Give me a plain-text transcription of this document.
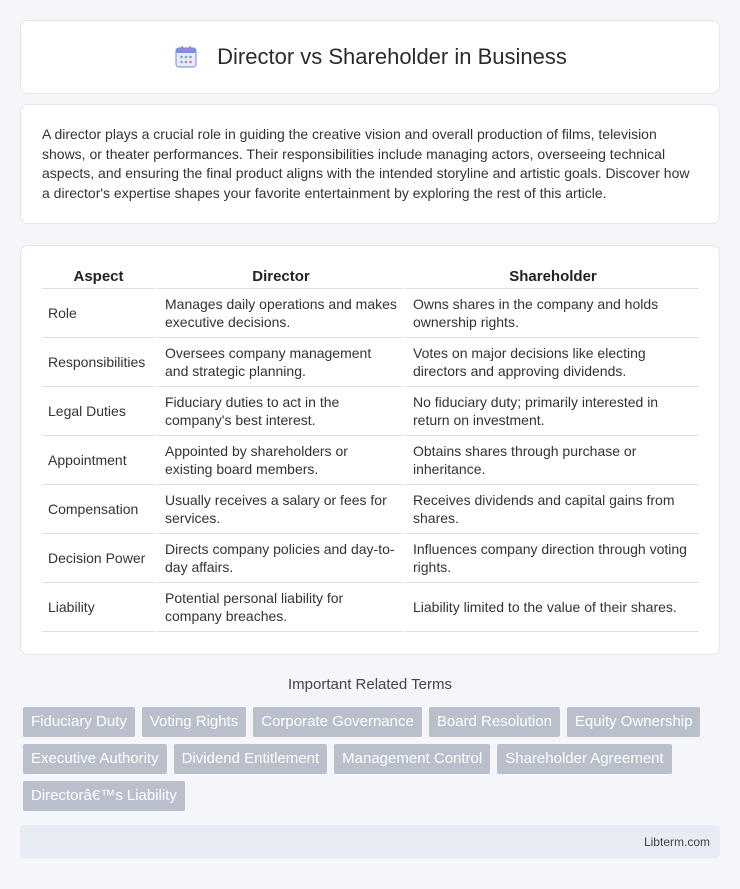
Director vs Shareholder in Business

A director plays a crucial role in guiding the creative vision and overall production of films, television shows, or theater performances. Their responsibilities include managing actors, overseeing technical aspects, and ensuring the final product aligns with the intended storyline and artistic goals. Discover how a director's expertise shapes your favorite entertainment by exploring the rest of this article.

Aspect	Director	Shareholder
Role	Manages daily operations and makes executive decisions.	Owns shares in the company and holds ownership rights.
Responsibilities	Oversees company management and strategic planning.	Votes on major decisions like electing directors and approving dividends.
Legal Duties	Fiduciary duties to act in the company's best interest.	No fiduciary duty; primarily interested in return on investment.
Appointment	Appointed by shareholders or existing board members.	Obtains shares through purchase or inheritance.
Compensation	Usually receives a salary or fees for services.	Receives dividends and capital gains from shares.
Decision Power	Directs company policies and day-to-day affairs.	Influences company direction through voting rights.
Liability	Potential personal liability for company breaches.	Liability limited to the value of their shares.
Important Related Terms
Fiduciary Duty	Voting Rights	Corporate Governance	Board Resolution	Equity Ownership
Executive Authority	Dividend Entitlement	Management Control	Shareholder Agreement
Directorâ€™s Liability
Libterm.com
